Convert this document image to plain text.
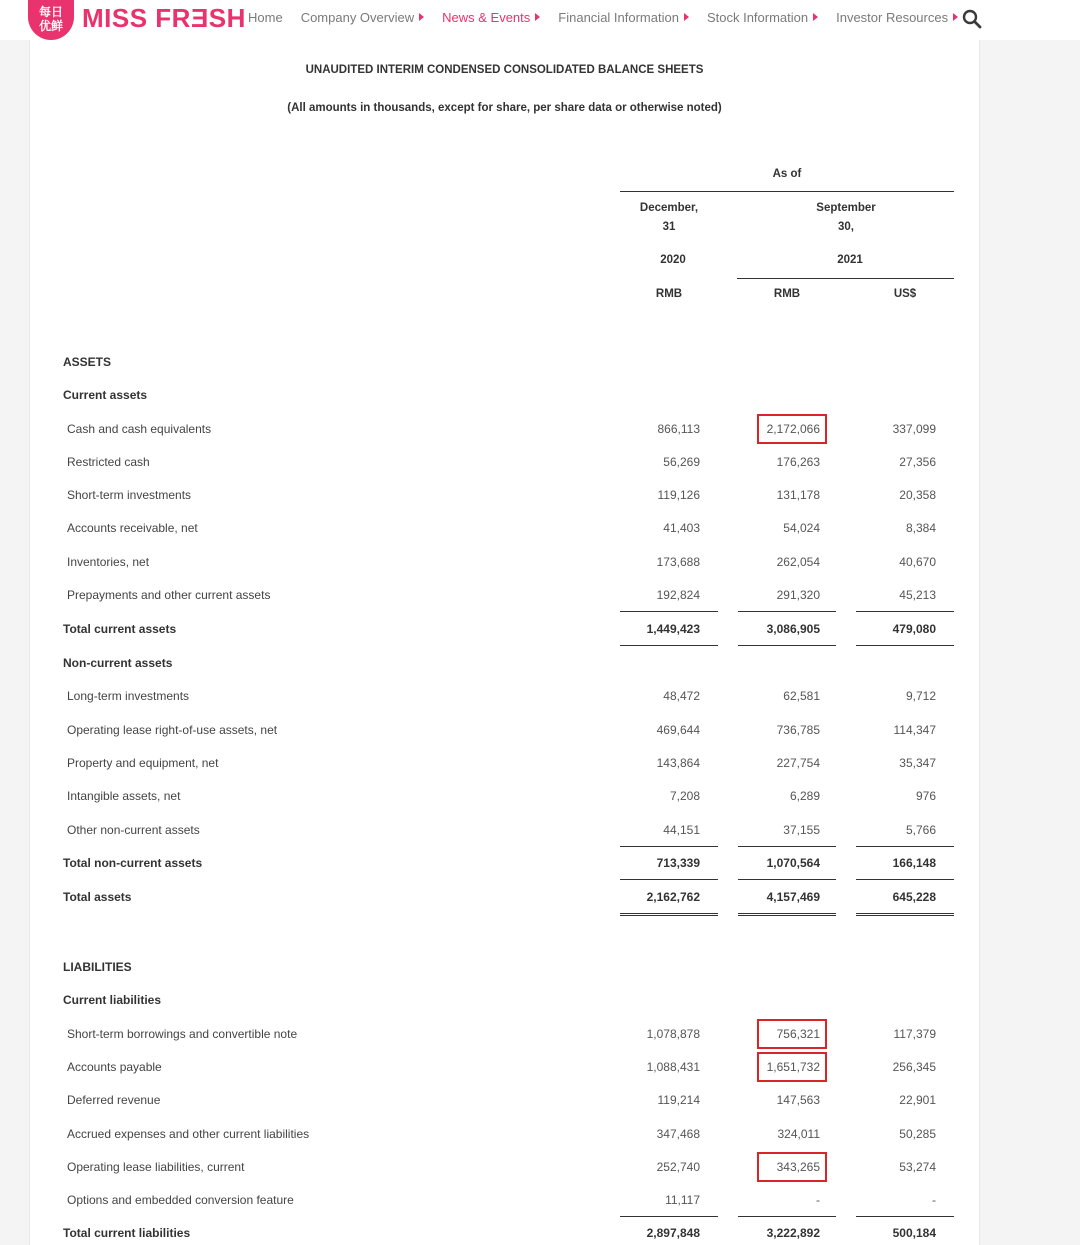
每日
优鲜 MISS FRƎSH Home Company Overview	News & Events	Financial Information	Stock Information	Investor Resources
UNAUDITED INTERIM CONDENSED CONSOLIDATED BALANCE SHEETS
(All amounts in thousands, except for share, per share data or otherwise noted)
As of
December,
31
2020
September
30,
2021
RMB	RMB	US$
ASSETS
Current assets
Cash and cash equivalents	866,113	2,172,066	337,099
Restricted cash	56,269	176,263	27,356
Short-term investments	119,126	131,178	20,358
Accounts receivable, net	41,403	54,024	8,384
Inventories, net	173,688	262,054	40,670
Prepayments and other current assets	192,824	291,320	45,213
Total current assets	1,449,423	3,086,905	479,080
Non-current assets
Long-term investments	48,472	62,581	9,712
Operating lease right-of-use assets, net	469,644	736,785	114,347
Property and equipment, net	143,864	227,754	35,347
Intangible assets, net	7,208	6,289	976
Other non-current assets	44,151	37,155	5,766
Total non-current assets	713,339	1,070,564	166,148
Total assets	2,162,762	4,157,469	645,228
LIABILITIES
Current liabilities
Short-term borrowings and convertible note	1,078,878	756,321	117,379
Accounts payable	1,088,431	1,651,732	256,345
Deferred revenue	119,214	147,563	22,901
Accrued expenses and other current liabilities	347,468	324,011	50,285
Operating lease liabilities, current	252,740	343,265	53,274
Options and embedded conversion feature	11,117	-	-
Total current liabilities	2,897,848	3,222,892	500,184
